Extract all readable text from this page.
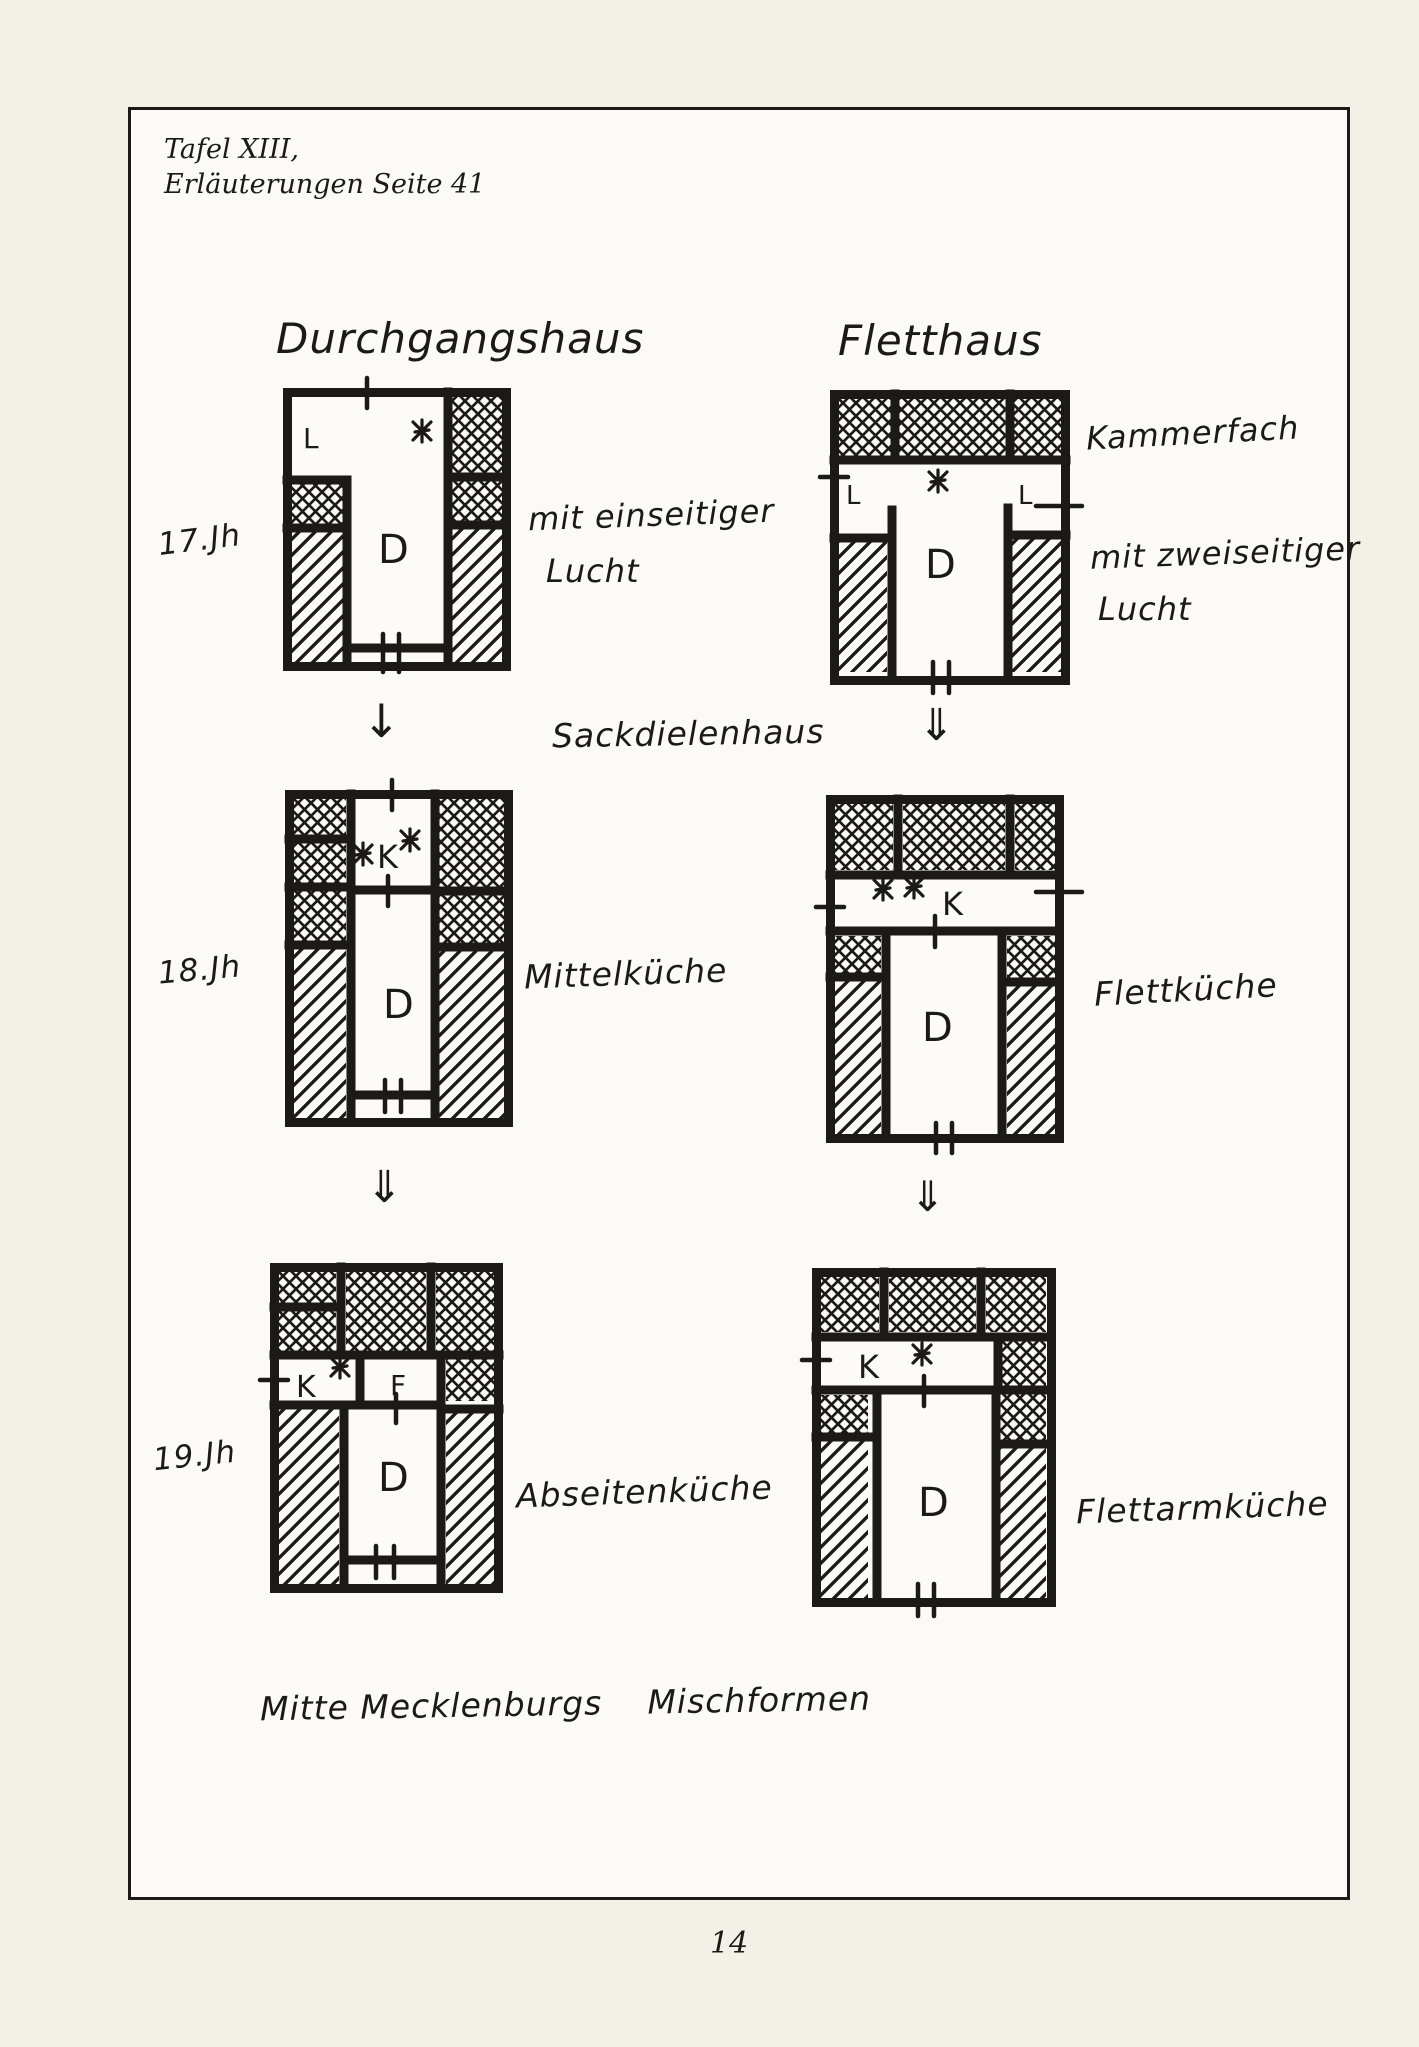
Tafel XIII,
Erläuterungen Seite 41
Durchgangshaus	Fletthaus
17.Jh
L
D
mit einseitiger
Lucht
L	L
D
Kammerfach
mit zweiseitiger
Lucht
↓	Sackdielenhaus ⇓
18.Jh
K
D
Mittelküche
K
D
Flettküche
⇓	⇓
19.Jh
K	F
D	Abseitenküche
K
D	Flettarmküche
Mitte Mecklenburgs Mischformen
14
